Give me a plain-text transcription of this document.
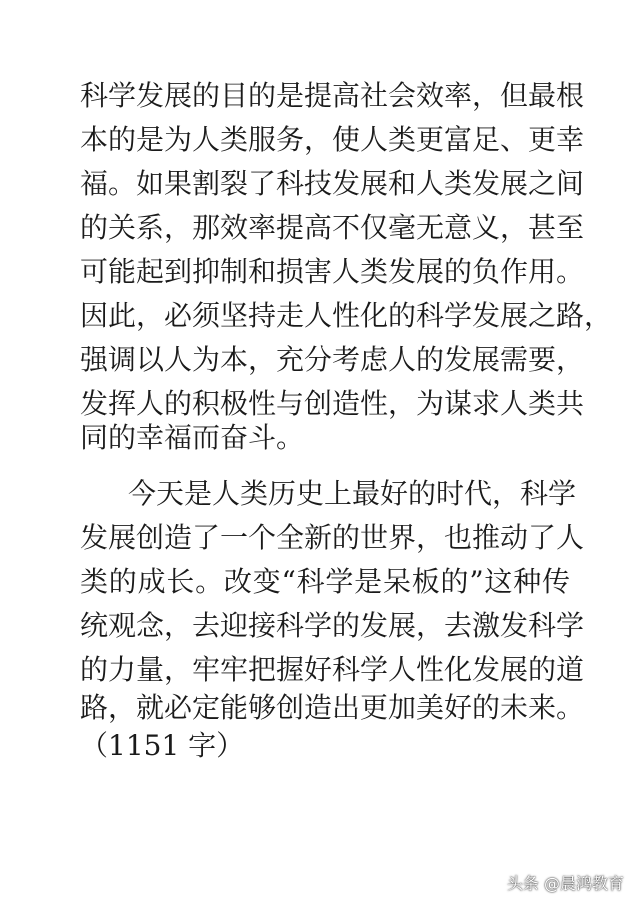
科学发展的目的是提高社会效率，但最根
本的是为人类服务，使人类更富足、更幸
福。如果割裂了科技发展和人类发展之间
的关系，那效率提高不仅毫无意义，甚至
可能起到抑制和损害人类发展的负作用。
因此，必须坚持走人性化的科学发展之路，
强调以人为本，充分考虑人的发展需要，
发挥人的积极性与创造性，为谋求人类共
同的幸福而奋斗。
今天是人类历史上最好的时代，科学
发展创造了一个全新的世界，也推动了人
类的成长。改变“科学是呆板的”这种传
统观念，去迎接科学的发展，去激发科学
的力量，牢牢把握好科学人性化发展的道
路，就必定能够创造出更加美好的未来。
（1151 字）
头条 @晨鸿教育
